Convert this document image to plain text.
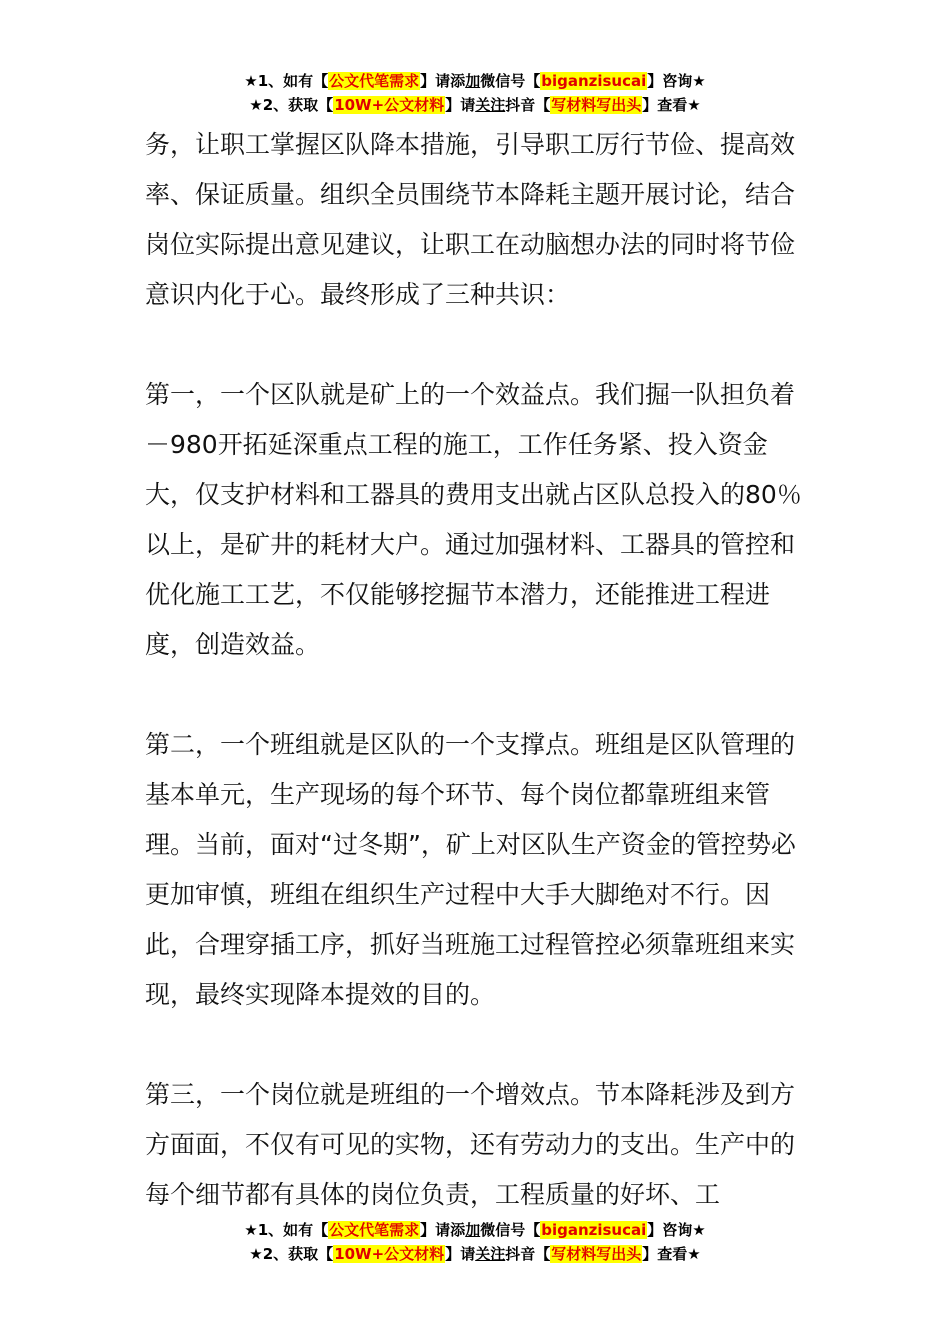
★1、如有【公文代笔需求】请添加微信号【biganzisucai】咨询★
★2、获取【10W+公文材料】请关注抖音【写材料写出头】查看★

务，让职工掌握区队降本措施，引导职工厉行节俭、提高效率、保证质量。组织全员围绕节本降耗主题开展讨论，结合岗位实际提出意见建议，让职工在动脑想办法的同时将节俭意识内化于心。最终形成了三种共识：

第一，一个区队就是矿上的一个效益点。我们掘一队担负着－980开拓延深重点工程的施工，工作任务紧、投入资金大，仅支护材料和工器具的费用支出就占区队总投入的80％以上，是矿井的耗材大户。通过加强材料、工器具的管控和优化施工工艺，不仅能够挖掘节本潜力，还能推进工程进度，创造效益。

第二，一个班组就是区队的一个支撑点。班组是区队管理的基本单元，生产现场的每个环节、每个岗位都靠班组来管理。当前，面对“过冬期”，矿上对区队生产资金的管控势必更加审慎，班组在组织生产过程中大手大脚绝对不行。因此，合理穿插工序，抓好当班施工过程管控必须靠班组来实现，最终实现降本提效的目的。

第三，一个岗位就是班组的一个增效点。节本降耗涉及到方方面面，不仅有可见的实物，还有劳动力的支出。生产中的每个细节都有具体的岗位负责，工程质量的好坏、工

★1、如有【公文代笔需求】请添加微信号【biganzisucai】咨询★
★2、获取【10W+公文材料】请关注抖音【写材料写出头】查看★
